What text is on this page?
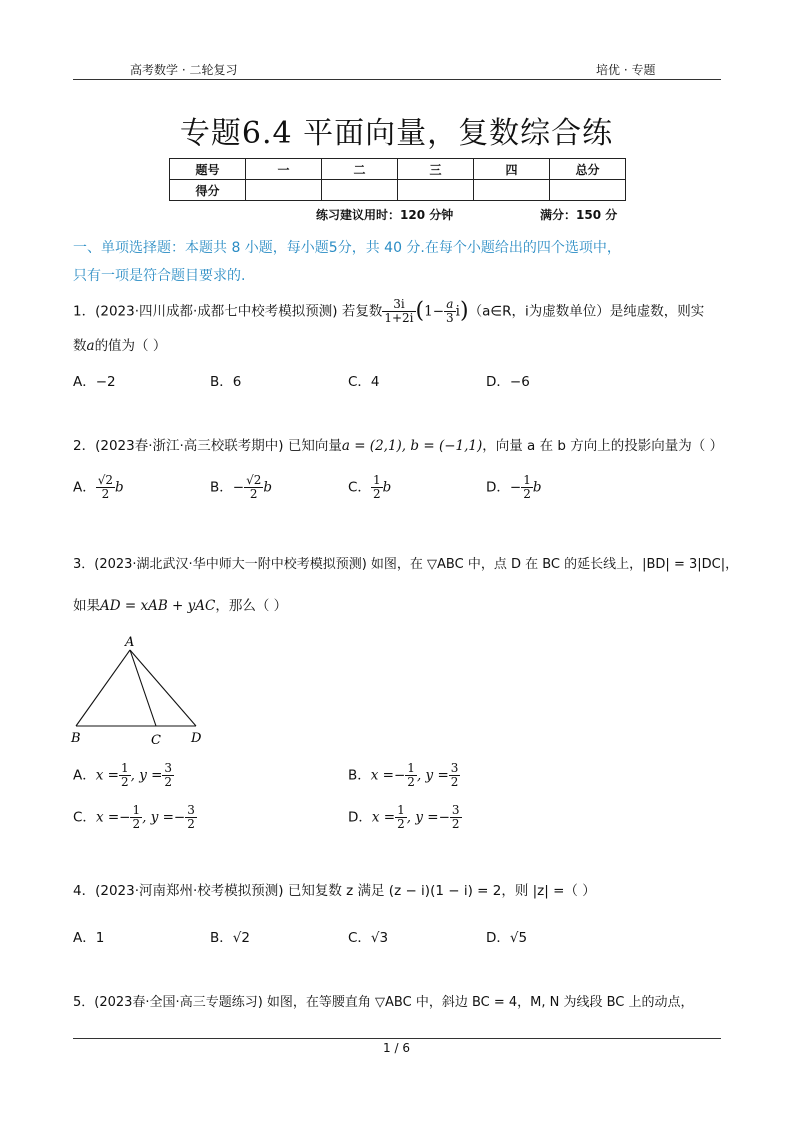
高考数学 · 二轮复习	培优 · 专题
专题6.4 平面向量，复数综合练
题号	一	二	三	四	总分
得分					
练习建议用时：120 分钟	满分：150 分
一、单项选择题：本题共 8 小题，每小题5分，共 40 分.在每个小题给出的四个选项中，
只有一项是符合题目要求的.
1．(2023·四川成都·成都七中校考模拟预测) 若复数 $\frac{3i}{1+2i} (1- \frac{a}{3}$ i)（a∈R，i为虚数单位）是纯虚数，则实
数a的值为（ ）
A．−2	B．6	C．4	D．−6
2．(2023春·浙江·高三校联考期中) 已知向量a = (2,1), b = (−1,1)，向量 a 在 b 方向上的投影向量为（ ）
A． $\frac{√2}{2}$ b	B．− $\frac{√2}{2}$ b	C． $\frac{1}{2}$ b	D．− $\frac{1}{2}$ b
3．(2023·湖北武汉·华中师大一附中校考模拟预测) 如图，在 ▽ABC 中，点 D 在 BC 的延长线上，|BD| = 3|DC|，
如果AD = xAB + yAC，那么（ ）
A
B	C D
A．$x = \frac{1}{2}$ , $y = \frac{3}{2}$	B．$x =- \frac{1}{2}$ , $y = \frac{3}{2}$
C．$x =- \frac{1}{2}$ , $y =- \frac{3}{2}$	D．$x = \frac{1}{2}$ , $y =- \frac{3}{2}$
4．(2023·河南郑州·校考模拟预测) 已知复数 z 满足 (z − i)(1 − i) = 2，则 |z| =（ ）
A．1	B．√2	C．√3	D．√5
5．(2023春·全国·高三专题练习) 如图，在等腰直角 ▽ABC 中，斜边 BC = 4，M, N 为线段 BC 上的动点，
1 / 6
